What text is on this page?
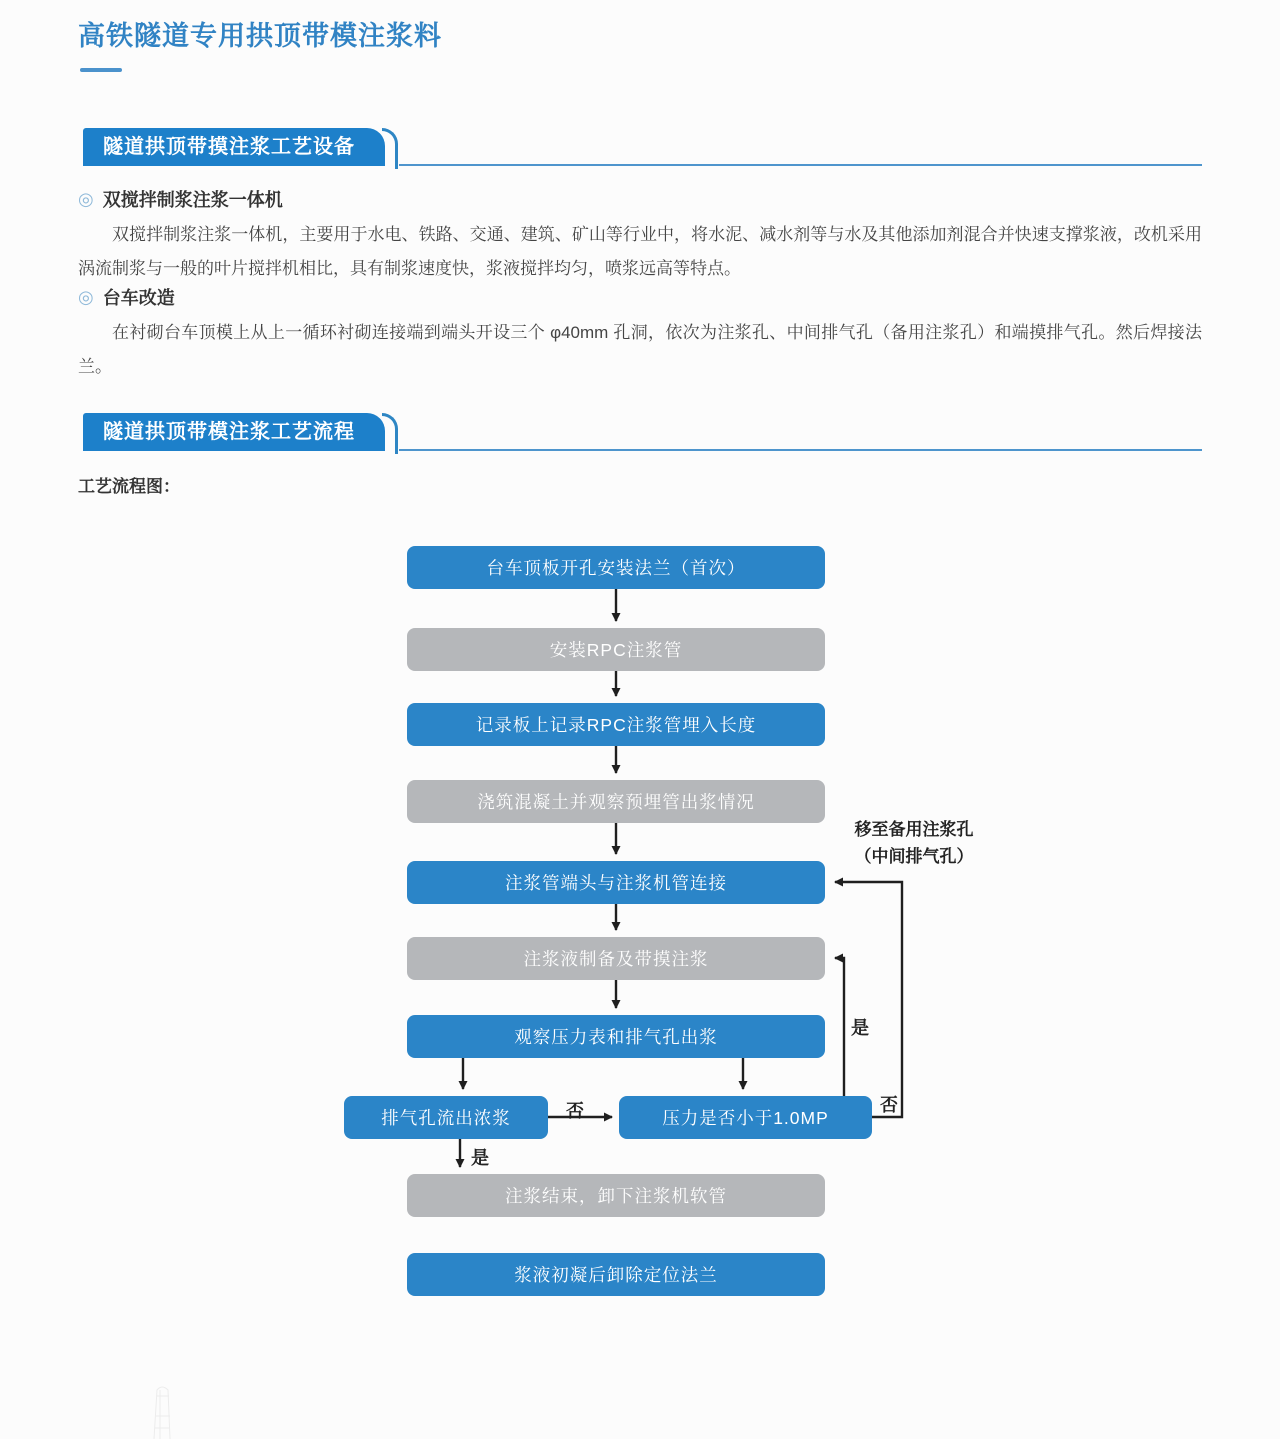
高铁隧道专用拱顶带模注浆料
隧道拱顶带摸注浆工艺设备
◎ 双搅拌制浆注浆一体机

双搅拌制浆注浆一体机，主要用于水电、铁路、交通、建筑、矿山等行业中，将水泥、减水剂等与水及其他添加剂混合并快速支撑浆液，改机采用涡流制浆与一般的叶片搅拌机相比，具有制浆速度快，浆液搅拌均匀，喷浆远高等特点。

◎ 台车改造

在衬砌台车顶模上从上一循环衬砌连接端到端头开设三个 φ40mm 孔洞，依次为注浆孔、中间排气孔（备用注浆孔）和端摸排气孔。然后焊接法兰。

隧道拱顶带模注浆工艺流程
工艺流程图：
台车顶板开孔安装法兰（首次）
安装RPC注浆管
记录板上记录RPC注浆管埋入长度
浇筑混凝土并观察预埋管出浆情况
注浆管端头与注浆机管连接
注浆液制备及带摸注浆
观察压力表和排气孔出浆
排气孔流出浓浆	压力是否小于1.0MP
注浆结束，卸下注浆机软管
浆液初凝后卸除定位法兰
否
是
是
否
移至备用注浆孔
（中间排气孔）
